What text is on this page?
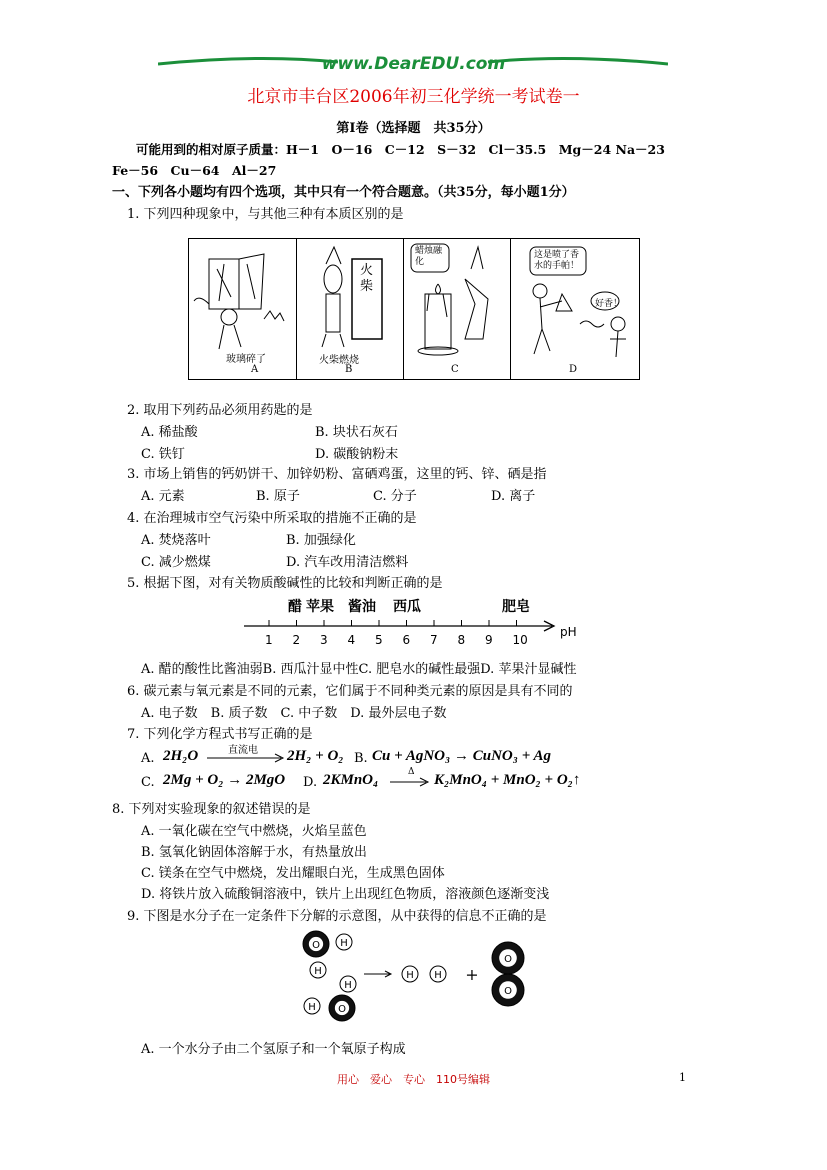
www.DearEDU.com
北京市丰台区2006年初三化学统一考试卷一
第Ⅰ卷（选择题　共35分）
可能用到的相对原子质量：H－1　O－16　C－12　S－32　Cl－35.5　Mg－24 Na－23
Fe－56　Cu－64　Al－27
一、下列各小题均有四个选项，其中只有一个符合题意。（共35分，每小题1分）
1. 下列四种现象中，与其他三种有本质区别的是
玻璃碎了
A
火柴
火柴燃烧
B
蜡烛融化
C
这是喷了香水的手帕！
好香！
D
2. 取用下列药品必须用药匙的是
A. 稀盐酸	B. 块状石灰石
C. 铁钉	D. 碳酸钠粉末
3. 市场上销售的钙奶饼干、加锌奶粉、富硒鸡蛋，这里的钙、锌、硒是指
A. 元素	B. 原子	C. 分子	D. 离子
4. 在治理城市空气污染中所采取的措施不正确的是
A. 焚烧落叶	B. 加强绿化
C. 减少燃煤	D. 汽车改用清洁燃料
5. 根据下图，对有关物质酸碱性的比较和判断正确的是
醋 苹果 酱油 西瓜	肥皂
1 2 3 4 5 6 7 8 9 10
pH
A. 醋的酸性比酱油弱B. 西瓜汁显中性C. 肥皂水的碱性最强D. 苹果汁显碱性
6. 碳元素与氧元素是不同的元素，它们属于不同种类元素的原因是具有不同的
A. 电子数　B. 质子数　C. 中子数　D. 最外层电子数
7. 下列化学方程式书写正确的是
A. 2H₂O	直流电 2H₂ + O₂ B. Cu + AgNO₃ → CuNO₃ + Ag
C. 2Mg + O₂ → 2MgO D. 2KMnO₄	Δ K₂MnO₄ + MnO₂ + O₂↑
8. 下列对实验现象的叙述错误的是
A. 一氧化碳在空气中燃烧，火焰呈蓝色
B. 氢氧化钠固体溶解于水，有热量放出
C. 镁条在空气中燃烧，发出耀眼白光，生成黑色固体
D. 将铁片放入硫酸铜溶液中，铁片上出现红色物质，溶液颜色逐渐变浅
9. 下图是水分子在一定条件下分解的示意图，从中获得的信息不正确的是
O H
H
H O
H
H H
O
O
+
A. 一个水分子由二个氢原子和一个氧原子构成
用心　爱心　专心　110号编辑	1
